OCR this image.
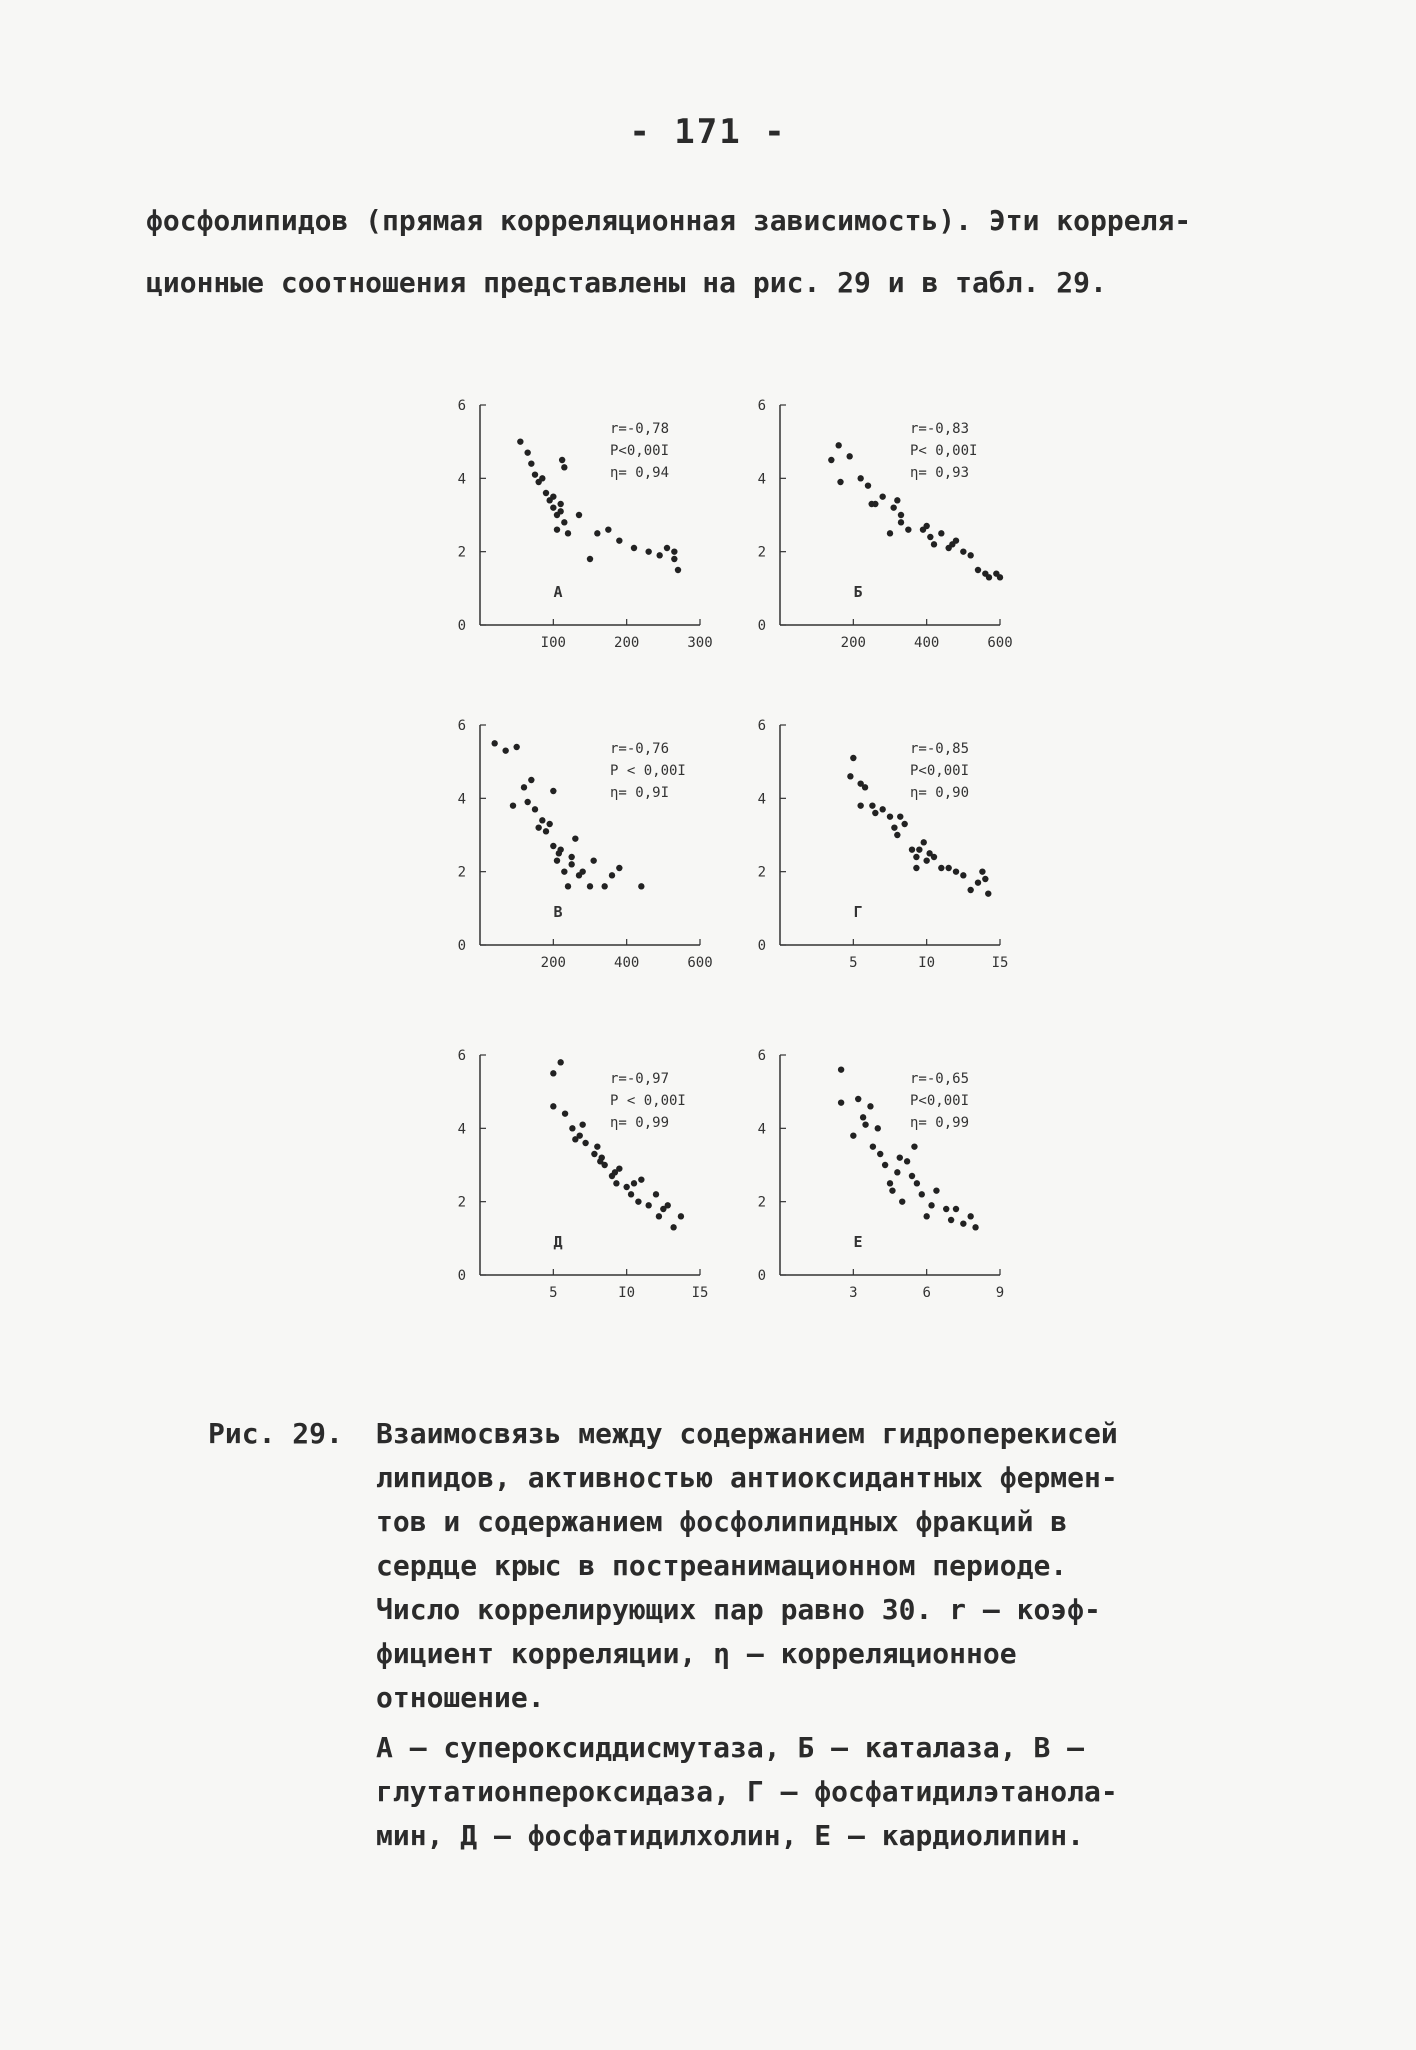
- 171 -

фосфолипидов (прямая корреляционная зависимость). Эти корреля-

ционные соотношения представлены на рис. 29 и в табл. 29.

0
2
4
6
I00	200	300
r=-0,78
P<0,00I
η= 0,94
А
0
2
4
6
200	400	600
r=-0,83
P< 0,00I
η= 0,93
Б
0
2
4
6
200	400	600
r=-0,76
P < 0,00I
η= 0,9I
В
0
2
4
6
5	I0	I5
r=-0,85
P<0,00I
η= 0,90
Г
0
2
4
6
5	I0	I5
r=-0,97
P < 0,00I
η= 0,99
Д
0
2
4
6
3	6	9
r=-0,65
P<0,00I
η= 0,99
Е
Рис. 29. Взаимосвязь между содержанием гидроперекисей

липидов, активностью антиоксидантных фермен-

тов и содержанием фосфолипидных фракций в

сердце крыс в постреанимационном периоде.

Число коррелирующих пар равно 30. r – коэф-

фициент корреляции, η – корреляционное

отношение.

А – супероксиддисмутаза, Б – каталаза, В –

глутатионпероксидаза, Г – фосфатидилэтанола-

мин, Д – фосфатидилхолин, Е – кардиолипин.
